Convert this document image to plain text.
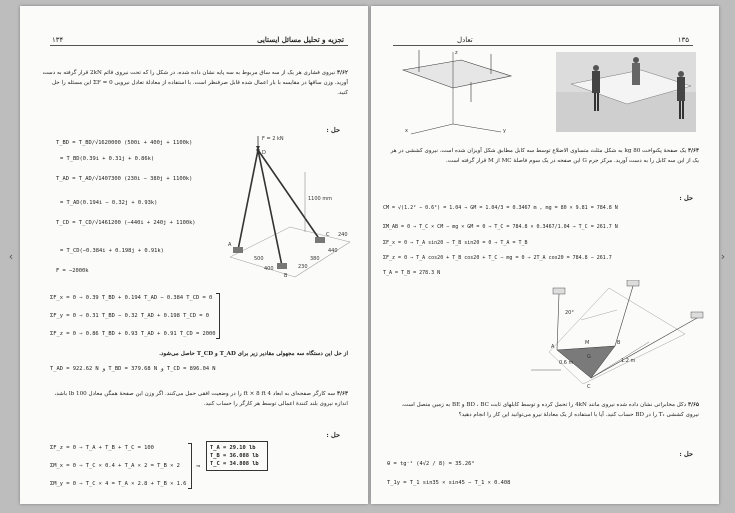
‹	›
۱۳۴	تجزیه و تحلیل مسائل ایستایی
۳/۶۲ نیروی فشاری هر یک از سه ساق مربوط به سه پایه نشان داده شده، در شکل را که تحت نیروی قائم 2kN قرار گرفته به دست آورید. وزن ساقها در مقایسه با بار اعمال شده قابل صرفنظر است. با استفاده از معادلهٔ تعادل نیرویی ΣF = 0 این مسئله را حل کنید.
حل :
T_BD = T_BD/√1620000 (500i + 400j + 1100k)
= T_BD(0.39i + 0.31j + 0.86k)
T_AD = T_AD/√1407300 (230i − 380j + 1100k)
= T_AD(0.194i − 0.32j + 0.93k)
T_CD = T_CD/√1461200 (−440i + 240j + 1100k)
= T_CD(−0.384i + 0.198j + 0.91k)
F = −2000k
F = 2 kN
1100 mm
500
400	230
380
440
240
A
B
C
D
ΣF_x = 0 ⇒ 0.39 T_BD + 0.194 T_AD − 0.384 T_CD = 0
ΣF_y = 0 ⇒ 0.31 T_BD − 0.32 T_AD + 0.198 T_CD = 0
ΣF_z = 0 ⇒ 0.86 T_BD + 0.93 T_AD + 0.91 T_CD = 2000
از حل این دستگاه سه مجهولی مقادیر زیر برای T_AD و T_CD حاصل می‌شود.
T_AD = 922.62 N و T_BD = 379.68 N و T_CD = 896.04 N
۳/۶۳ سه کارگر صفحه‌ای به ابعاد 4 ft × 8 ft را در وضعیت افقی حمل می‌کنند. اگر وزن این صفحهٔ همگن معادل 100 lb باشد، اندازه نیروی بلند کنندهٔ اعمالی توسط هر کارگر را حساب کنید.
حل :
ΣF_z = 0 ⇒ T_A + T_B + T_C = 100
ΣM_x = 0 ⇒ T_C × 0.4 + T_A × 2 = T_B × 2
ΣM_y = 0 ⇒ T_C × 4 = T_A × 2.8 + T_B × 1.6
⇒
T_A = 29.10 lb
T_B = 36.088 lb
T_C = 34.808 lb
۱۳۵
تعادل
z
x	y
۳/۶۴ یک صفحهٔ پکنواخت 80 kg به شکل مثلث متساوی الاضلاع توسط سه کابل مطابق شکل آویزان شده است. نیروی کششی در هر یک از این سه کابل را به دست آورید. مرکز جرم G این صفحه در یک سوم فاصلهٔ MC از M قرار گرفته است.
حل :
CM = √(1.2² − 0.6²) = 1.04 ⇒ GM = 1.04/3 = 0.3467 m , mg = 80 × 9.81 = 784.8 N
ΣM_AB = 0 ⇒ T_C × CM − mg × GM = 0 ⇒ T_C = 784.8 × 0.3467/1.04 ⇒ T_C = 261.7 N
ΣF_x = 0 ⇒ T_A sin20 − T_B sin20 = 0 ⇒ T_A = T_B
ΣF_z = 0 ⇒ T_A cos20 + T_B cos20 + T_C − mg = 0 ⇒ 2T_A cos20 = 784.8 − 261.7
T_A = T_B = 278.3 N
A
B
C
M
G
20°
1.2 m
0.6 m
۳/۶۵ دکل مخابراتی نشان داده شده نیروی مانند 4kN را تحمل کرده و توسط کابلهای ثابت BD ، BC و BE به زمین متصل است. نیروی کششی T₁ را در BD حساب کنید. آیا با استفاده از یک معادلهٔ نیرو می‌توانید این کار را انجام دهید؟
حل :
θ = tg⁻¹ (4√2 / 8) = 35.26°
T_1y = T_1 sin35 × sin45 − T_1 × 0.408
